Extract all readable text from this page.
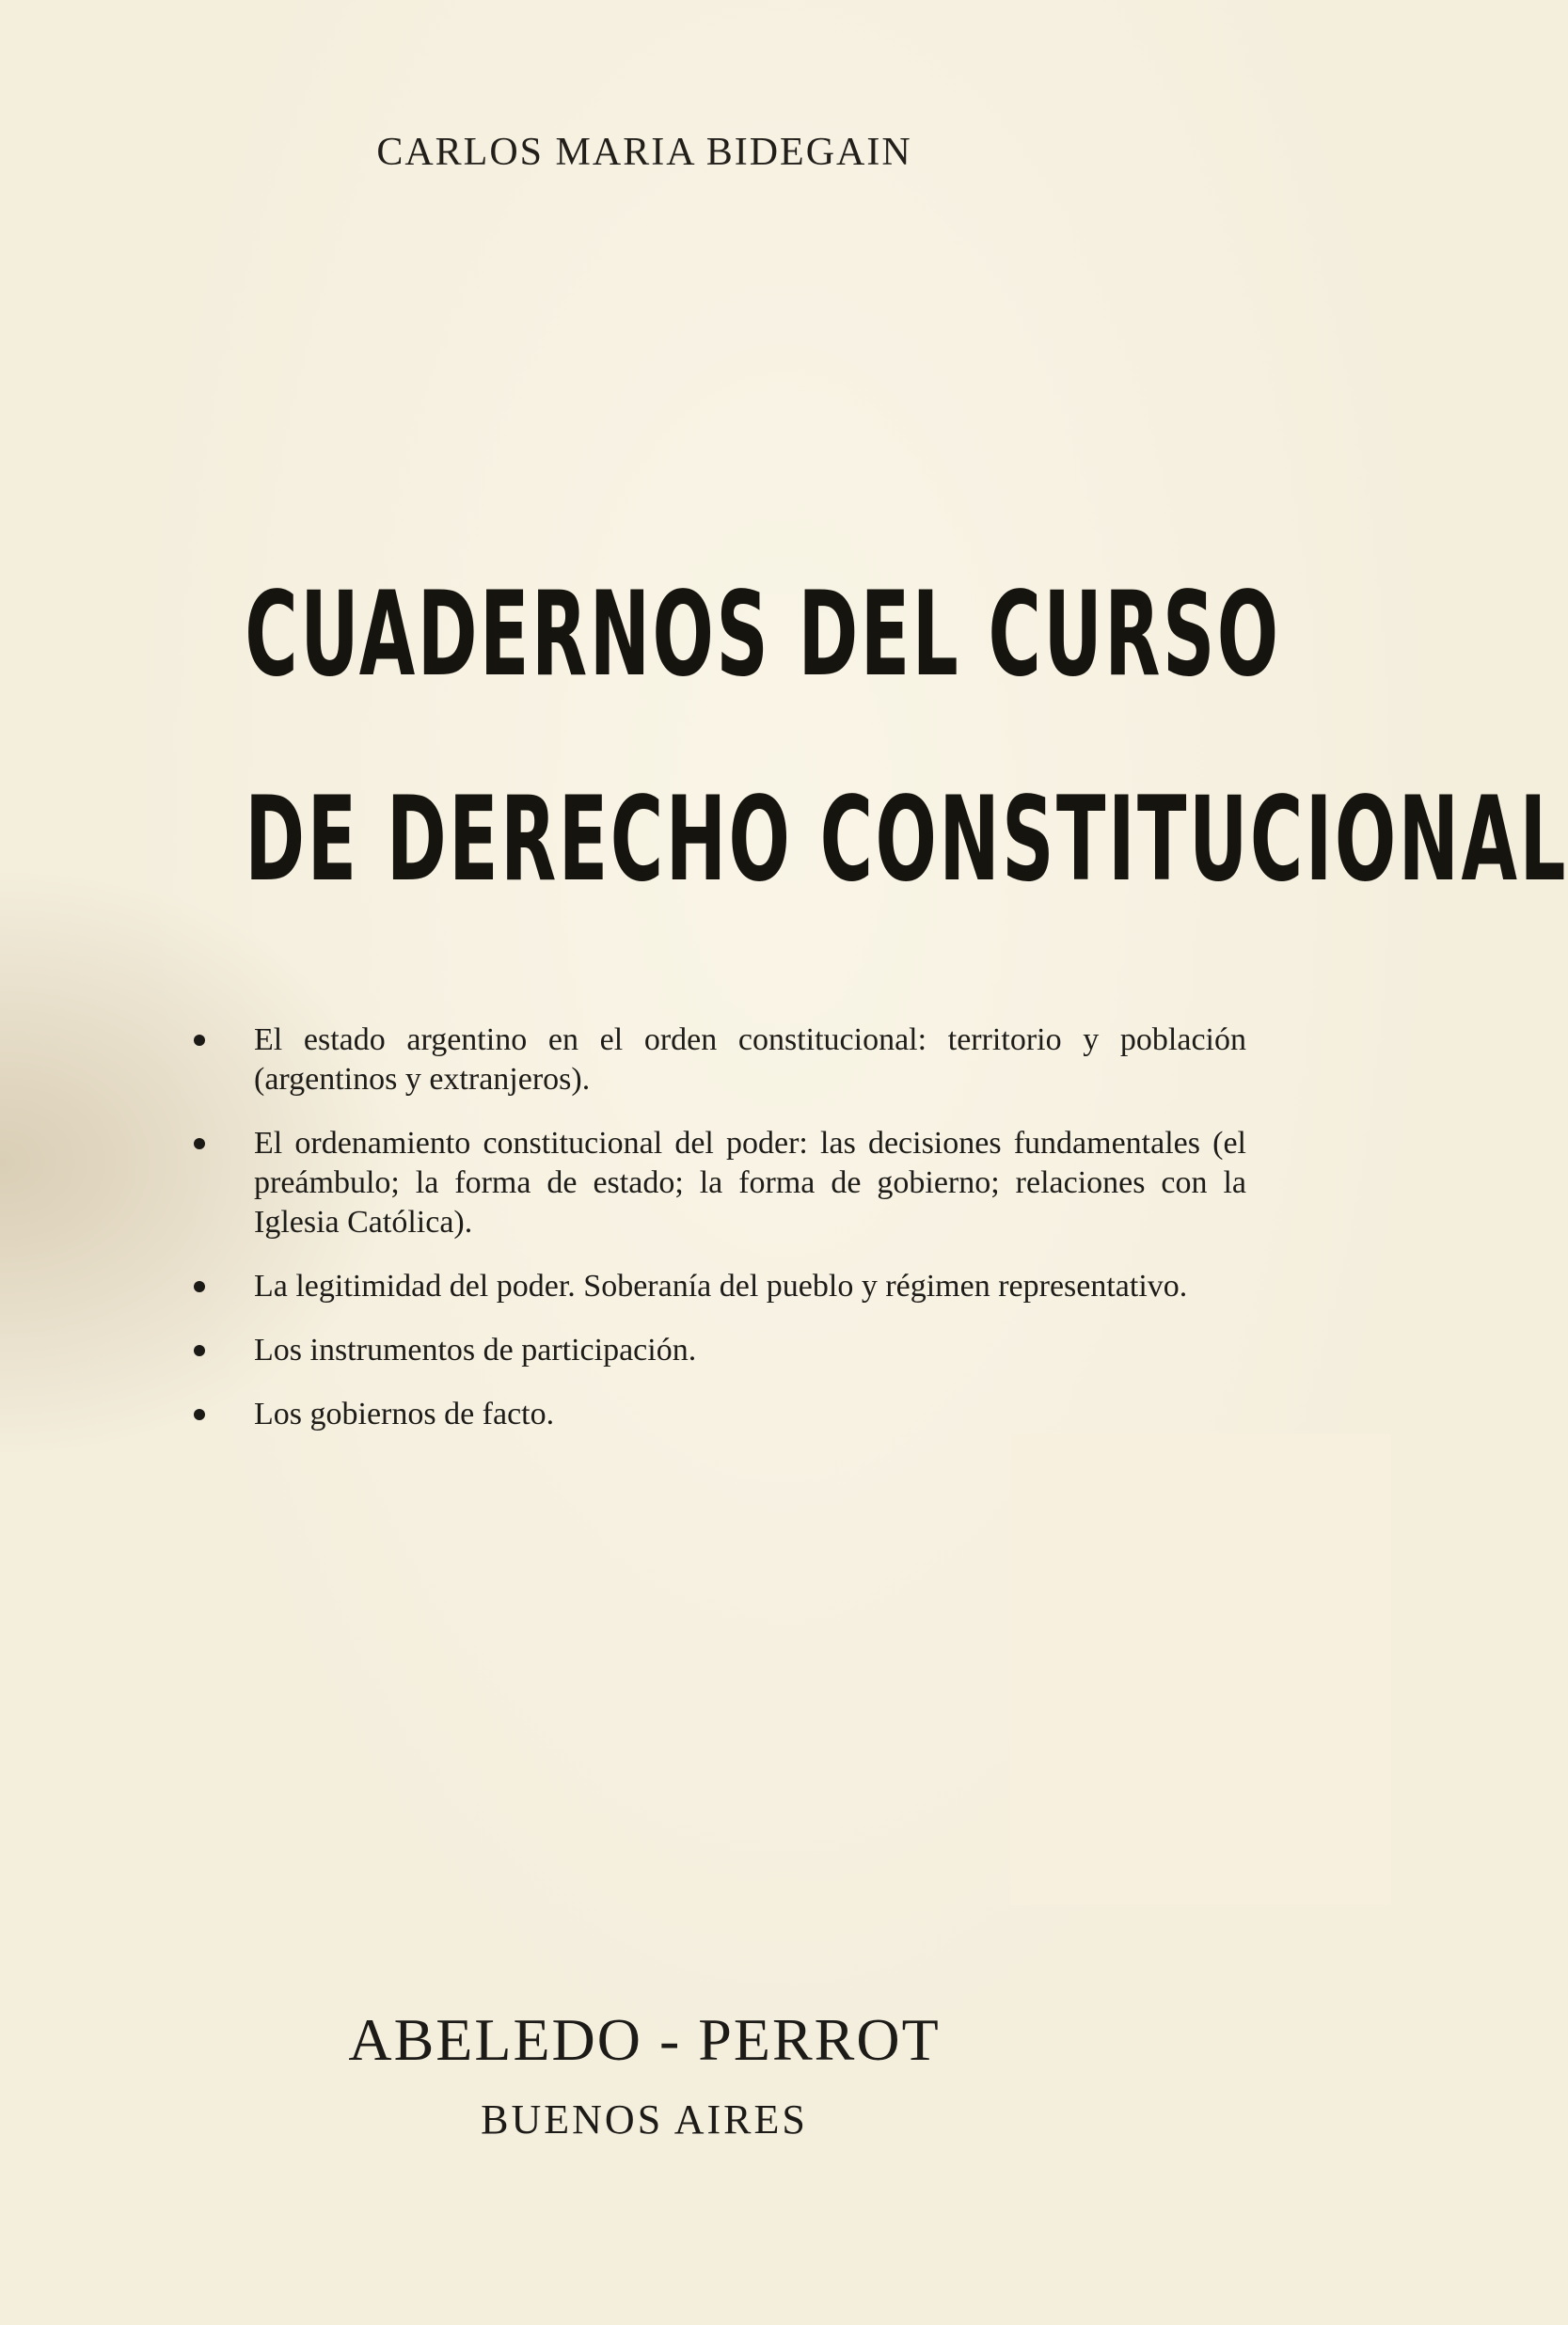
CARLOS MARIA BIDEGAIN
CUADERNOS DEL CURSO
DE DERECHO CONSTITUCIONAL
El estado argentino en el orden constitucional: territorio y población (argentinos y extranjeros).
El ordenamiento constitucional del poder: las decisiones fundamentales (el preámbulo; la forma de estado; la forma de gobierno; relaciones con la Iglesia Católica).
La legitimidad del poder. Soberanía del pueblo y régimen representativo.
Los instrumentos de participación.
Los gobiernos de facto.
ABELEDO - PERROT
BUENOS AIRES
